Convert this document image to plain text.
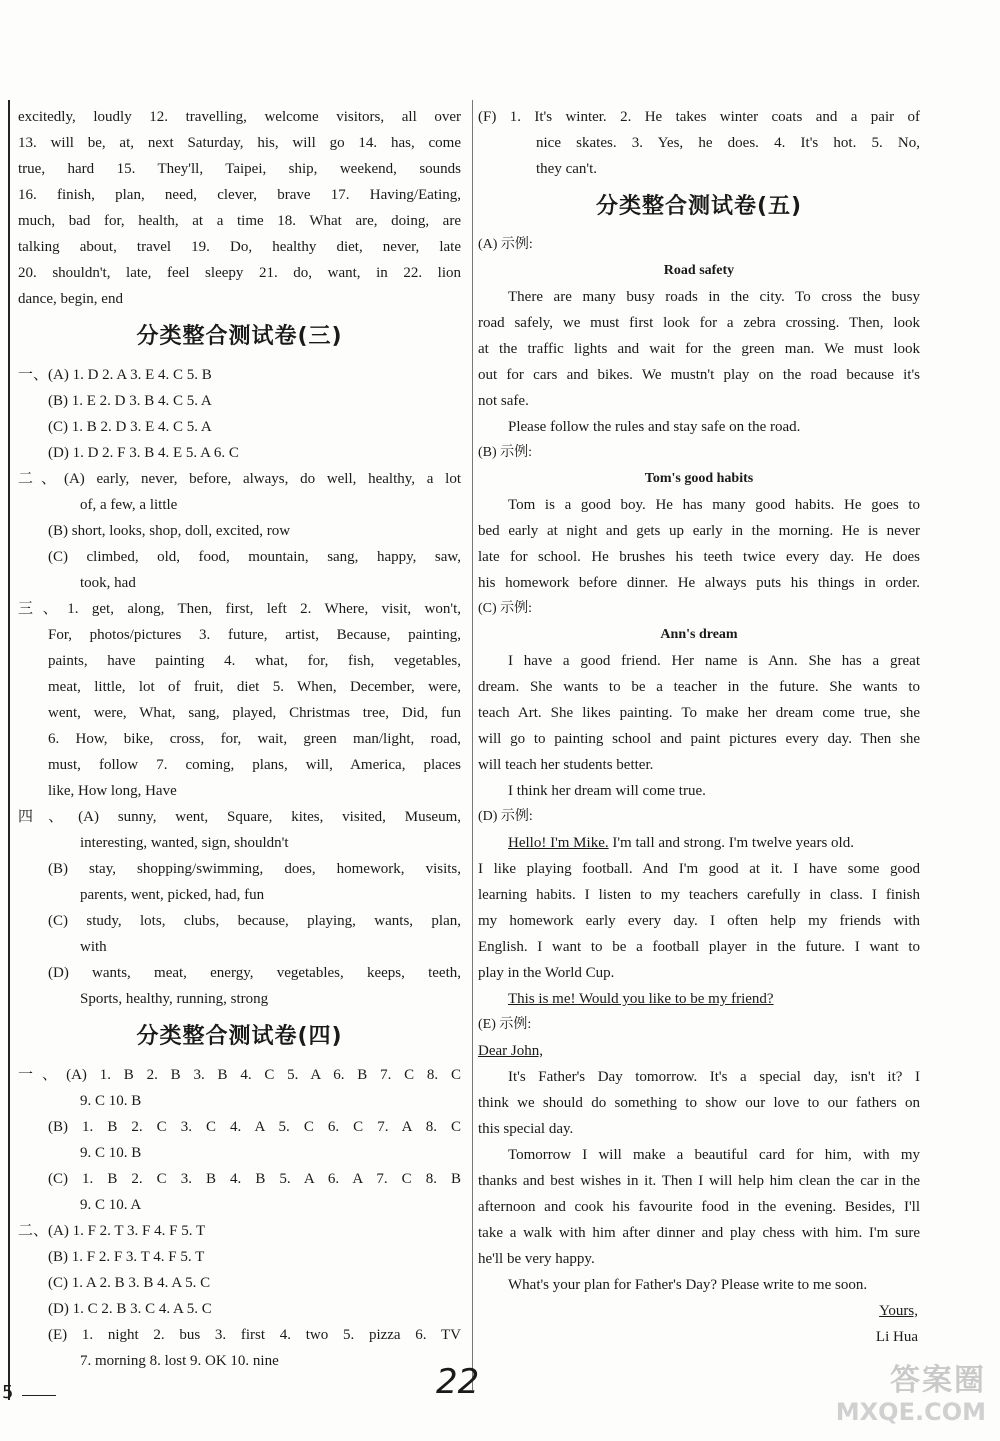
excitedly, loudly 12. travelling, welcome visitors, all over
13. will be, at, next Saturday, his, will go 14. has, come
true, hard 15. They'll, Taipei, ship, weekend, sounds
16. finish, plan, need, clever, brave 17. Having/Eating,
much, bad for, health, at a time 18. What are, doing, are
talking about, travel 19. Do, healthy diet, never, late
20. shouldn't, late, feel sleepy 21. do, want, in 22. lion
dance, begin, end
分类整合测试卷(三)
一、(A) 1. D 2. A 3. E 4. C 5. B
(B) 1. E 2. D 3. B 4. C 5. A
(C) 1. B 2. D 3. E 4. C 5. A
(D) 1. D 2. F 3. B 4. E 5. A 6. C
二、(A) early, never, before, always, do well, healthy, a lot
of, a few, a little
(B) short, looks, shop, doll, excited, row
(C) climbed, old, food, mountain, sang, happy, saw,
took, had
三、1. get, along, Then, first, left 2. Where, visit, won't,
For, photos/pictures 3. future, artist, Because, painting,
paints, have painting 4. what, for, fish, vegetables,
meat, little, lot of fruit, diet 5. When, December, were,
went, were, What, sang, played, Christmas tree, Did, fun
6. How, bike, cross, for, wait, green man/light, road,
must, follow 7. coming, plans, will, America, places
like, How long, Have
四、(A) sunny, went, Square, kites, visited, Museum,
interesting, wanted, sign, shouldn't
(B) stay, shopping/swimming, does, homework, visits,
parents, went, picked, had, fun
(C) study, lots, clubs, because, playing, wants, plan,
with
(D) wants, meat, energy, vegetables, keeps, teeth,
Sports, healthy, running, strong
分类整合测试卷(四)
一、(A) 1. B 2. B 3. B 4. C 5. A 6. B 7. C 8. C
9. C 10. B
(B) 1. B 2. C 3. C 4. A 5. C 6. C 7. A 8. C
9. C 10. B
(C) 1. B 2. C 3. B 4. B 5. A 6. A 7. C 8. B
9. C 10. A
二、(A) 1. F 2. T 3. F 4. F 5. T
(B) 1. F 2. F 3. T 4. F 5. T
(C) 1. A 2. B 3. B 4. A 5. C
(D) 1. C 2. B 3. C 4. A 5. C
(E) 1. night 2. bus 3. first 4. two 5. pizza 6. TV
7. morning 8. lost 9. OK 10. nine
(F) 1. It's winter. 2. He takes winter coats and a pair of
nice skates. 3. Yes, he does. 4. It's hot. 5. No,
they can't.
分类整合测试卷(五)
(A) 示例:
Road safety
There are many busy roads in the city. To cross the busy
road safely, we must first look for a zebra crossing. Then, look
at the traffic lights and wait for the green man. We must look
out for cars and bikes. We mustn't play on the road because it's
not safe.
Please follow the rules and stay safe on the road.
(B) 示例:
Tom's good habits
Tom is a good boy. He has many good habits. He goes to
bed early at night and gets up early in the morning. He is never
late for school. He brushes his teeth twice every day. He does
his homework before dinner. He always puts his things in order.
(C) 示例:
Ann's dream
I have a good friend. Her name is Ann. She has a great
dream. She wants to be a teacher in the future. She wants to
teach Art. She likes painting. To make her dream come true, she
will go to painting school and paint pictures every day. Then she
will teach her students better.
I think her dream will come true.
(D) 示例:
Hello! I'm Mike. I'm tall and strong. I'm twelve years old.
I like playing football. And I'm good at it. I have some good
learning habits. I listen to my teachers carefully in class. I finish
my homework early every day. I often help my friends with
English. I want to be a football player in the future. I want to
play in the World Cup.
This is me! Would you like to be my friend?
(E) 示例:
Dear John,
It's Father's Day tomorrow. It's a special day, isn't it? I
think we should do something to show our love to our fathers on
this special day.
Tomorrow I will make a beautiful card for him, with my
thanks and best wishes in it. Then I will help him clean the car in the
afternoon and cook his favourite food in the evening. Besides, I'll
take a walk with him after dinner and play chess with him. I'm sure
he'll be very happy.
What's your plan for Father's Day? Please write to me soon.
Yours,
Li Hua
5	22	答案圈
MXQE.COM
